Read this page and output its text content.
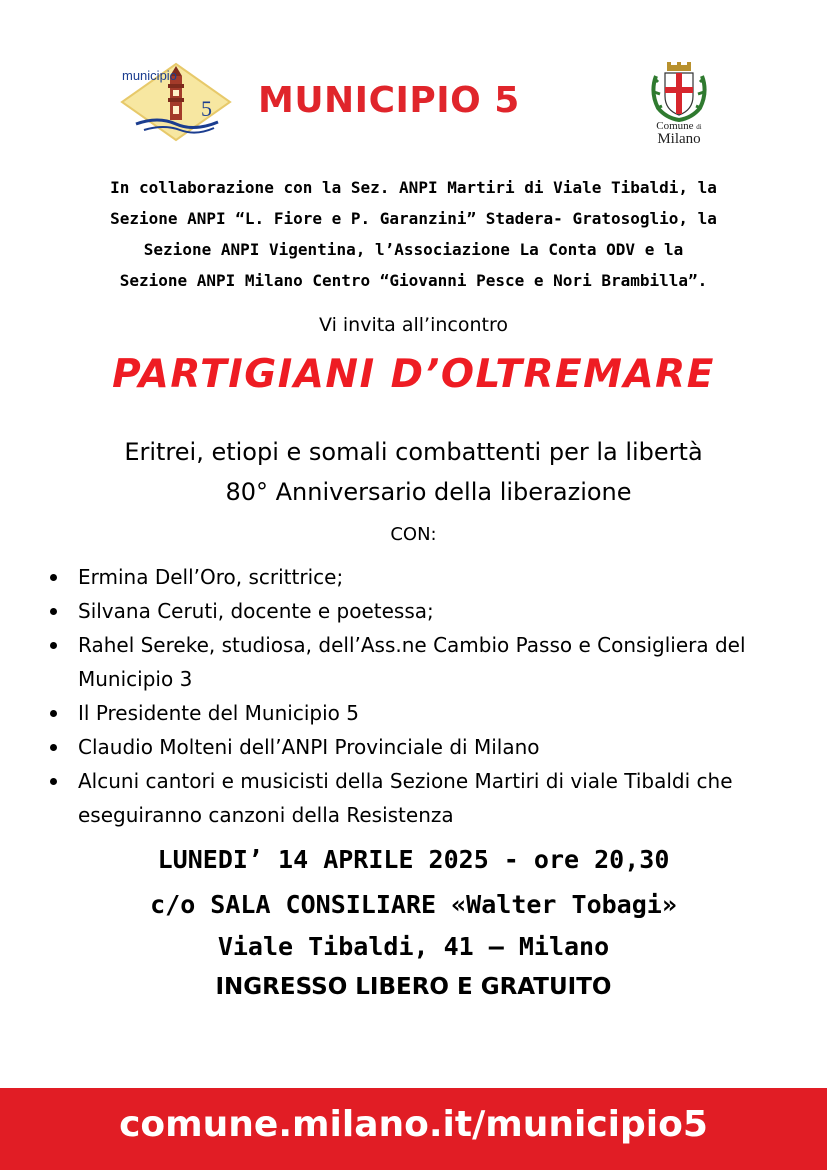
municipio
5 MUNICIPIO 5
Comune di
Milano
In collaborazione con la Sez. ANPI Martiri di Viale Tibaldi, la
Sezione ANPI “L. Fiore e P. Garanzini” Stadera- Gratosoglio, la
Sezione ANPI Vigentina, l’Associazione La Conta ODV e la
Sezione ANPI Milano Centro “Giovanni Pesce e Nori Brambilla”.
Vi invita all’incontro
PARTIGIANI D’OLTREMARE
Eritrei, etiopi e somali combattenti per la libertà
80° Anniversario della liberazione
CON:
Ermina Dell’Oro, scrittrice;
Silvana Ceruti, docente e poetessa;
Rahel Sereke, studiosa, dell’Ass.ne Cambio Passo e Consigliera del Municipio 3
Il Presidente del Municipio 5
Claudio Molteni dell’ANPI Provinciale di Milano
Alcuni cantori e musicisti della Sezione Martiri di viale Tibaldi che eseguiranno canzoni della Resistenza
LUNEDI’ 14 APRILE 2025 - ore 20,30
c/o SALA CONSILIARE «Walter Tobagi»
Viale Tibaldi, 41 – Milano
INGRESSO LIBERO E GRATUITO
comune.milano.it/municipio5
